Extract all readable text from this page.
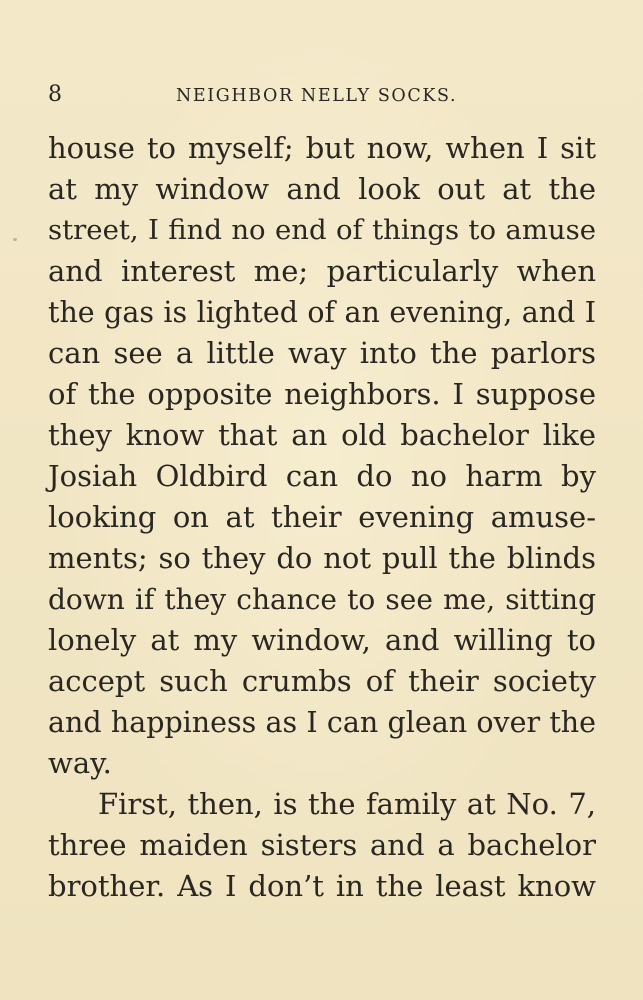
8	NEIGHBOR NELLY SOCKS.
house to myself; but now, when I sit
at my window and look out at the
street, I find no end of things to amuse
and interest me; particularly when
the gas is lighted of an evening, and I
can see a little way into the parlors
of the opposite neighbors. I suppose
they know that an old bachelor like
Josiah Oldbird can do no harm by
looking on at their evening amuse-
ments; so they do not pull the blinds
down if they chance to see me, sitting
lonely at my window, and willing to
accept such crumbs of their society
and happiness as I can glean over the
way.
First, then, is the family at No. 7,
three maiden sisters and a bachelor
brother. As I don’t in the least know
